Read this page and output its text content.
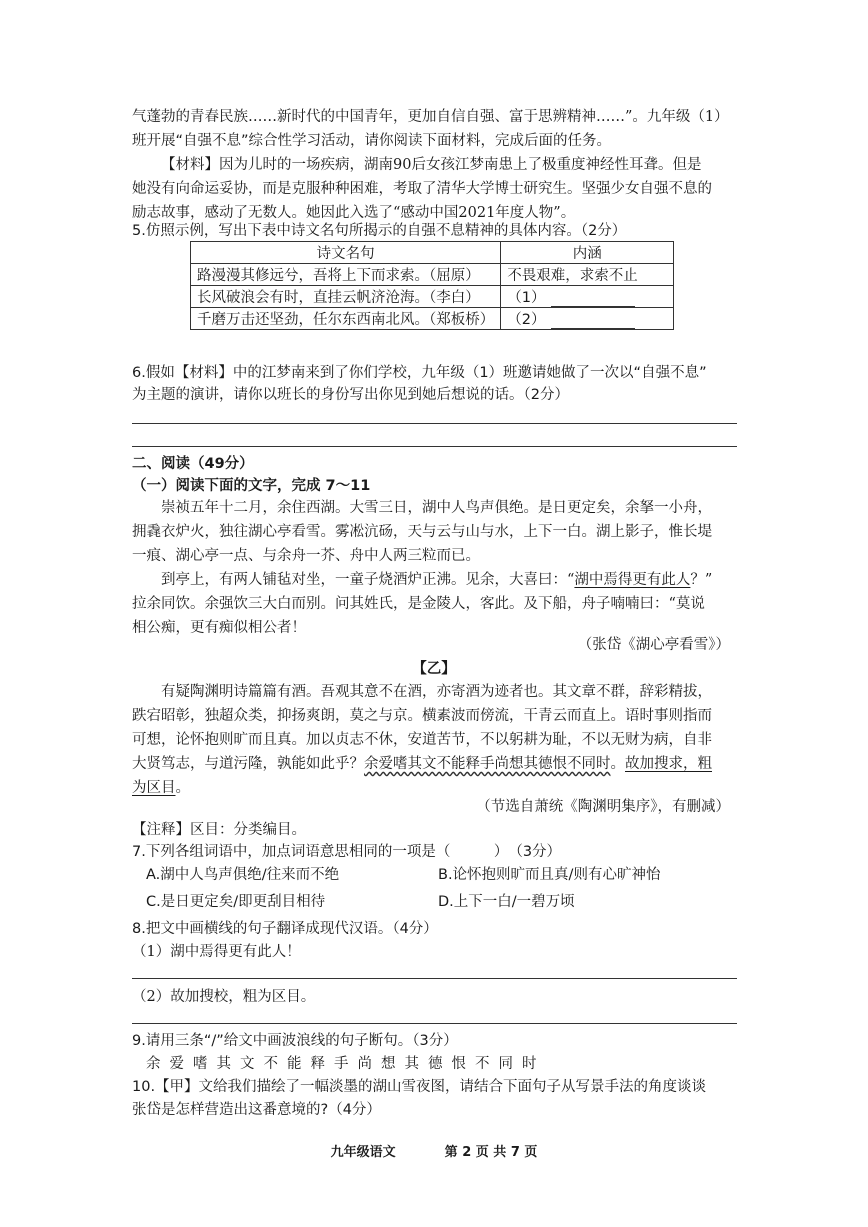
气蓬勃的青春民族……新时代的中国青年，更加自信自强、富于思辨精神……”。九年级（1）
班开展“自强不息”综合性学习活动，请你阅读下面材料，完成后面的任务。
【材料】因为儿时的一场疾病，湖南90后女孩江梦南患上了极重度神经性耳聋。但是
她没有向命运妥协，而是克服种种困难，考取了清华大学博士研究生。坚强少女自强不息的
励志故事，感动了无数人。她因此入选了“感动中国2021年度人物”。
5.仿照示例，写出下表中诗文名句所揭示的自强不息精神的具体内容。（2分）
诗文名句	内涵
路漫漫其修远兮，吾将上下而求索。（屈原）	不畏艰难，求索不止
长风破浪会有时，直挂云帆济沧海。（李白）	（1）
千磨万击还坚劲，任尔东西南北风。（郑板桥）	（2）
6.假如【材料】中的江梦南来到了你们学校，九年级（1）班邀请她做了一次以“自强不息”
为主题的演讲，请你以班长的身份写出你见到她后想说的话。（2分）
二、阅读（49分）
（一）阅读下面的文字，完成 7～11
崇祯五年十二月，余住西湖。大雪三日，湖中人鸟声俱绝。是日更定矣，余拏一小舟，
拥毳衣炉火，独往湖心亭看雪。雾凇沆砀，天与云与山与水，上下一白。湖上影子，惟长堤
一痕、湖心亭一点、与余舟一芥、舟中人两三粒而已。
到亭上，有两人铺毡对坐，一童子烧酒炉正沸。见余，大喜曰：“湖中焉得更有此人？”
拉余同饮。余强饮三大白而别。问其姓氏，是金陵人，客此。及下船，舟子喃喃曰：“莫说
相公痴，更有痴似相公者！
（张岱《湖心亭看雪》）
【乙】
有疑陶渊明诗篇篇有酒。吾观其意不在酒，亦寄酒为迹者也。其文章不群，辞彩精拔，
跌宕昭彰，独超众类，抑扬爽朗，莫之与京。横素波而傍流，干青云而直上。语时事则指而
可想，论怀抱则旷而且真。加以贞志不休，安道苦节，不以躬耕为耻，不以无财为病，自非
大贤笃志，与道污隆，孰能如此乎？余爱嗜其文不能释手尚想其德恨不同时。故加搜求，粗
为区目。
（节选自萧统《陶渊明集序》，有删减）
【注释】区目：分类编目。
7.下列各组词语中，加点词语意思相同的一项是（　　　）　（3分）
A.湖中人鸟声俱绝/往来而不绝	B.论怀抱则旷而且真/则有心旷神怡
C.是日更定矣/即更刮目相待	D.上下一白/一碧万顷
8.把文中画横线的句子翻译成现代汉语。（4分）
（1）湖中焉得更有此人！
（2）故加搜校，粗为区目。
9.请用三条“/”给文中画波浪线的句子断句。（3分）
余爱嗜其文不能释手尚想其德恨不同时
10.【甲】文给我们描绘了一幅淡墨的湖山雪夜图，请结合下面句子从写景手法的角度谈谈
张岱是怎样营造出这番意境的?（4分）
九年级语文	第 2 页 共 7 页
